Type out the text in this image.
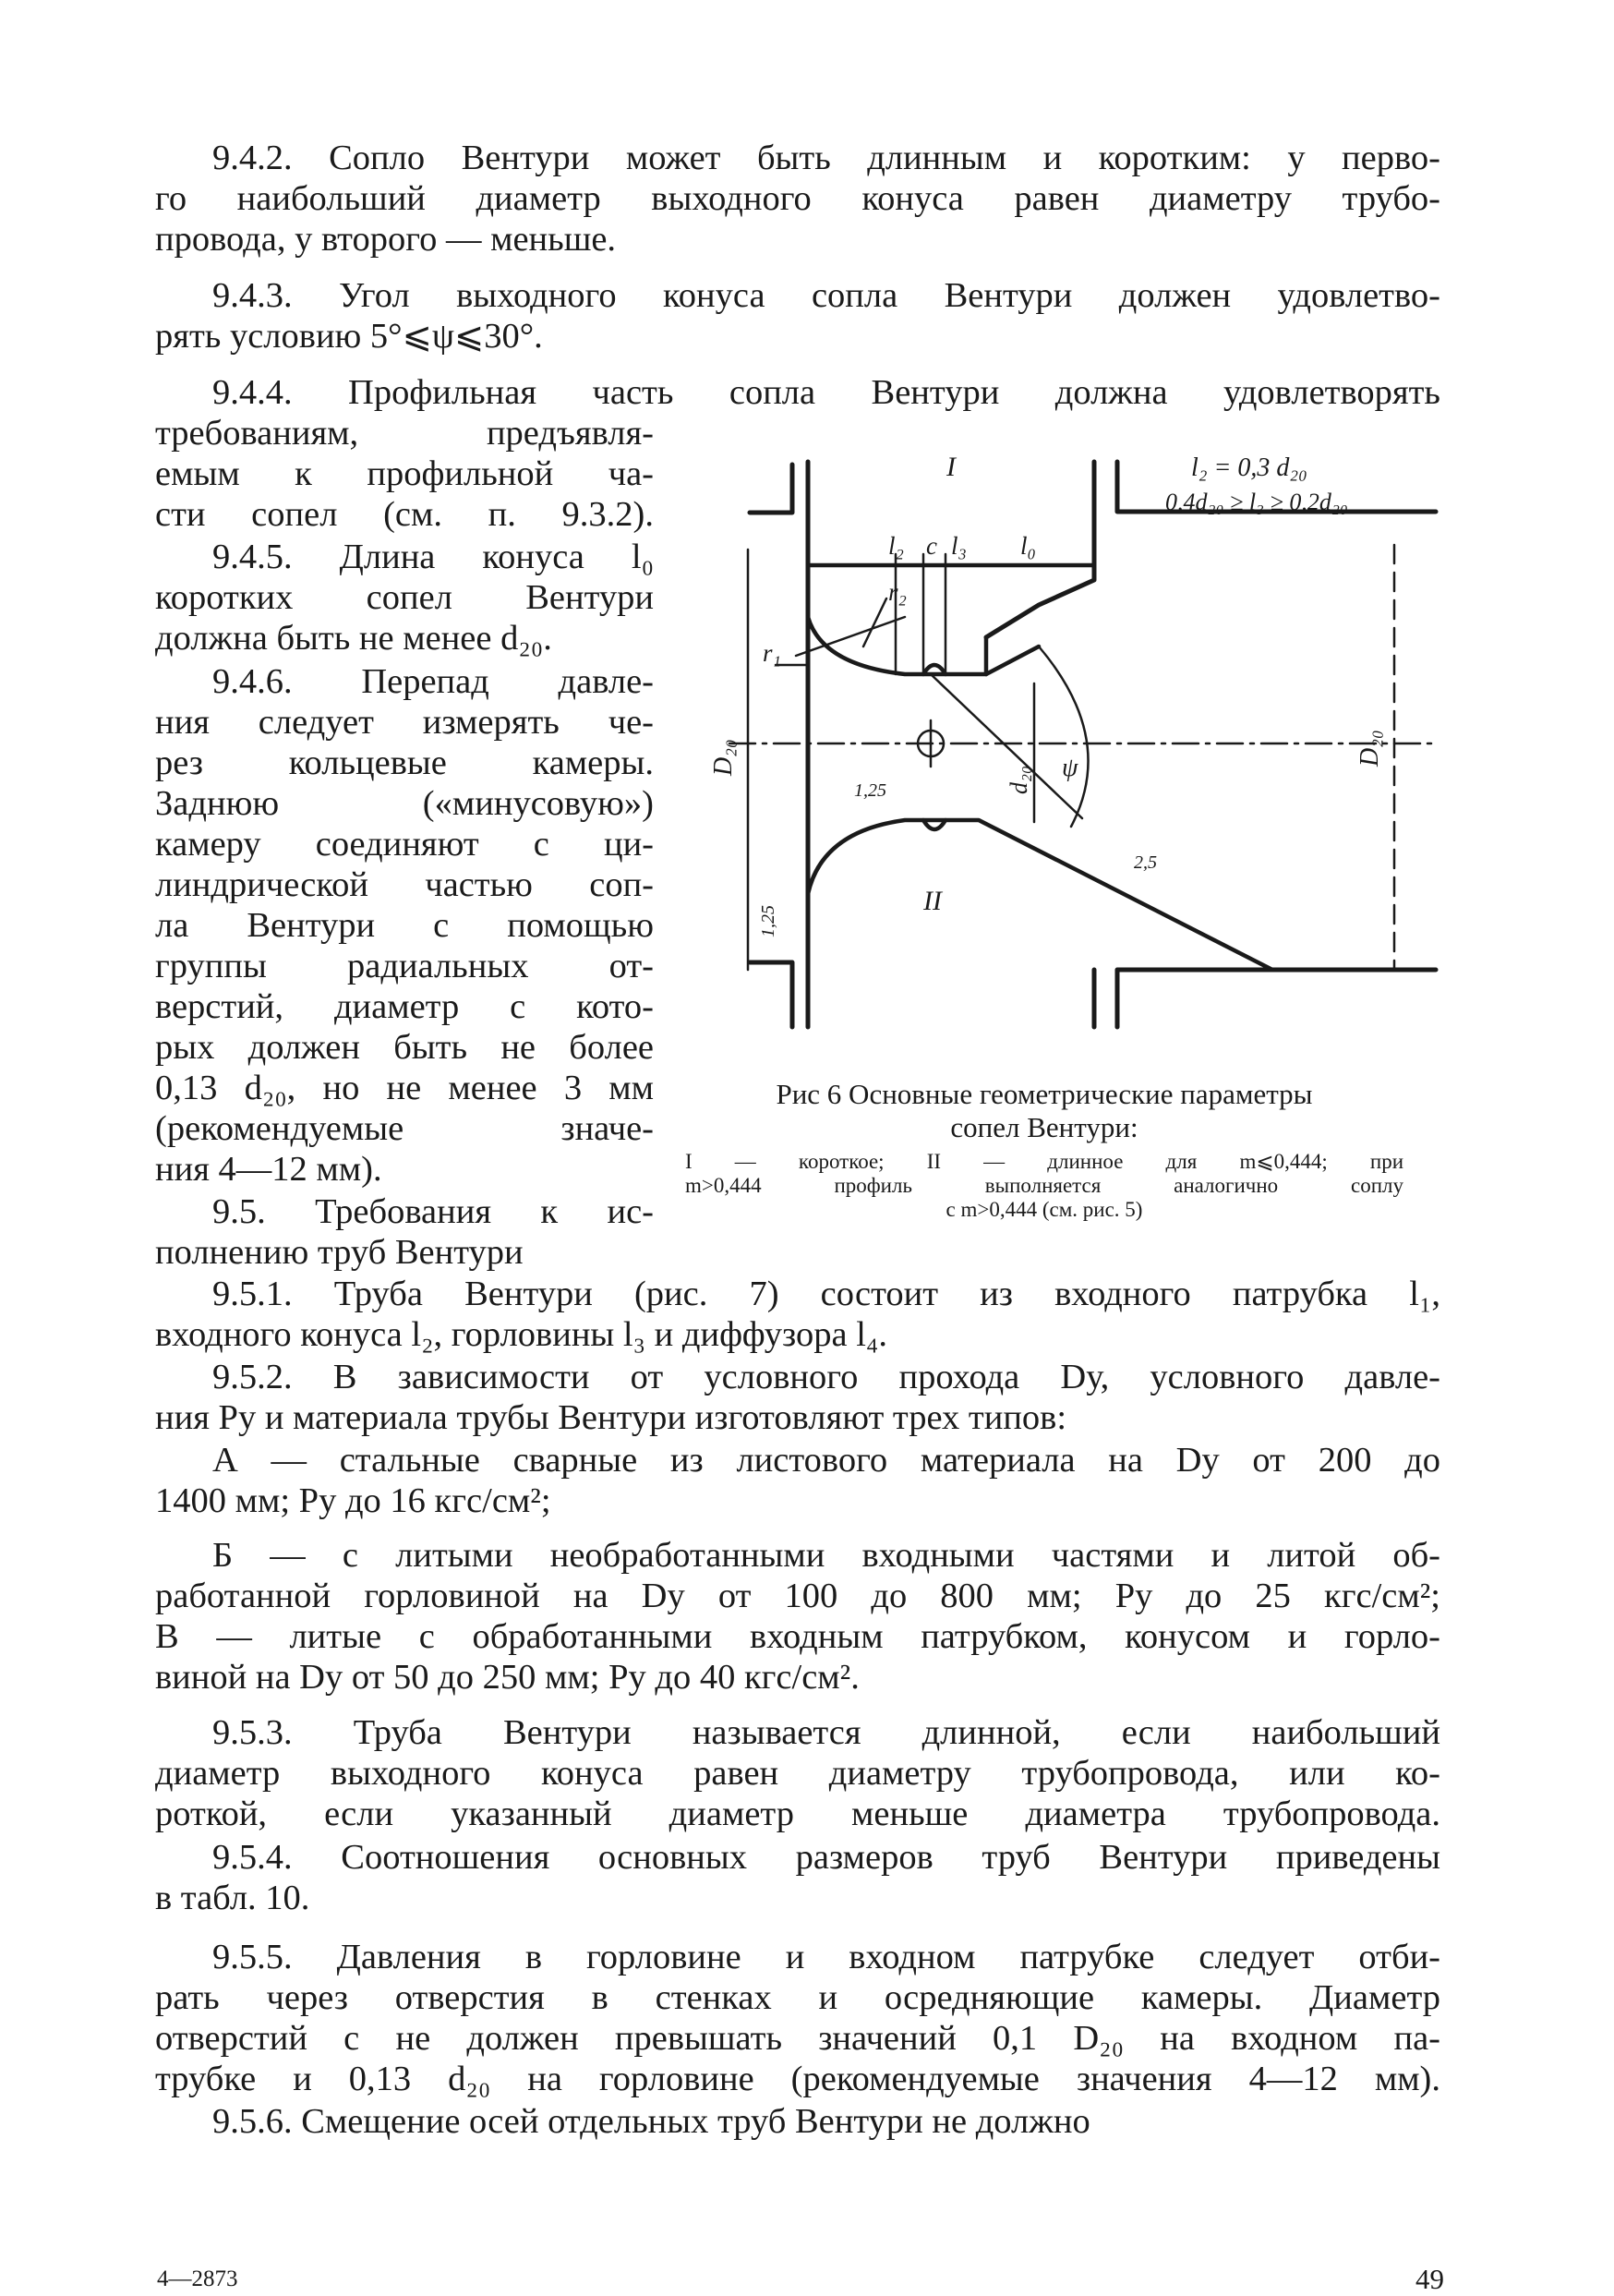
9.4.2. Сопло Вентури может быть длинным и коротким: у перво-

го наибольший диаметр выходного конуса равен диаметру трубо-

провода, у второго — меньше.

9.4.3. Угол выходного конуса сопла Вентури должен удовлетво-

рять условию 5°⩽ψ⩽30°.

9.4.4. Профильная часть сопла Вентури должна удовлетворять

требованиям, предъявля-

емым к профильной ча-

сти сопел (см. п. 9.3.2).

9.4.5. Длина конуса l₀

коротких сопел Вентури

должна быть не менее d₂₀.

9.4.6. Перепад давле-

ния следует измерять че-

рез кольцевые камеры.

Заднюю («минусовую»)

камеру соединяют с ци-

линдрической частью соп-

ла Вентури с помощью

группы радиальных от-

верстий, диаметр с кото-

рых должен быть не более

0,13 d₂₀, но не менее 3 мм

(рекомендуемые значе-

ния 4—12 мм).

9.5. Требования к ис-

полнению труб Вентури

9.5.1. Труба Вентури (рис. 7) состоит из входного патрубка l₁,

входного конуса l₂, горловины l₃ и диффузора l₄.

9.5.2. В зависимости от условного прохода Dу, условного давле-

ния Pу и материала трубы Вентури изготовляют трех типов:

А — стальные сварные из листового материала на Dу от 200 до

1400 мм; Pу до 16 кгс/см²;

Б — с литыми необработанными входными частями и литой об-

работанной горловиной на Dу от 100 до 800 мм; Pу до 25 кгс/см²;

В — литые с обработанными входным патрубком, конусом и горло-

виной на Dу от 50 до 250 мм; Pу до 40 кгс/см².

9.5.3. Труба Вентури называется длинной, если наибольший

диаметр выходного конуса равен диаметру трубопровода, или ко-

роткой, если указанный диаметр меньше диаметра трубопровода.

9.5.4. Соотношения основных размеров труб Вентури приведены

в табл. 10.

9.5.5. Давления в горловине и входном патрубке следует отби-

рать через отверстия в стенках и осредняющие камеры. Диаметр

отверстий с не должен превышать значений 0,1 D₂₀ на входном па-

трубке и 0,13 d₂₀ на горловине (рекомендуемые значения 4—12 мм).

9.5.6. Смещение осей отдельных труб Вентури не должно

I	l₂ = 0,3 d₂₀
0,4d₂₀ ≥ l₃ ≥ 0,2d₂₀
l₂ c l₃ l₀
r₂
r₁
D₂₀	D₂₀
d₂₀ ψ
1,25
1,25
2,5
II

Рис 6 Основные геометрические параметры

сопел Вентури:

I — короткое; II — длинное для m⩽0,444; при

m>0,444 профиль выполняется аналогично соплу

с m>0,444 (см. рис. 5)

4—2873	49
